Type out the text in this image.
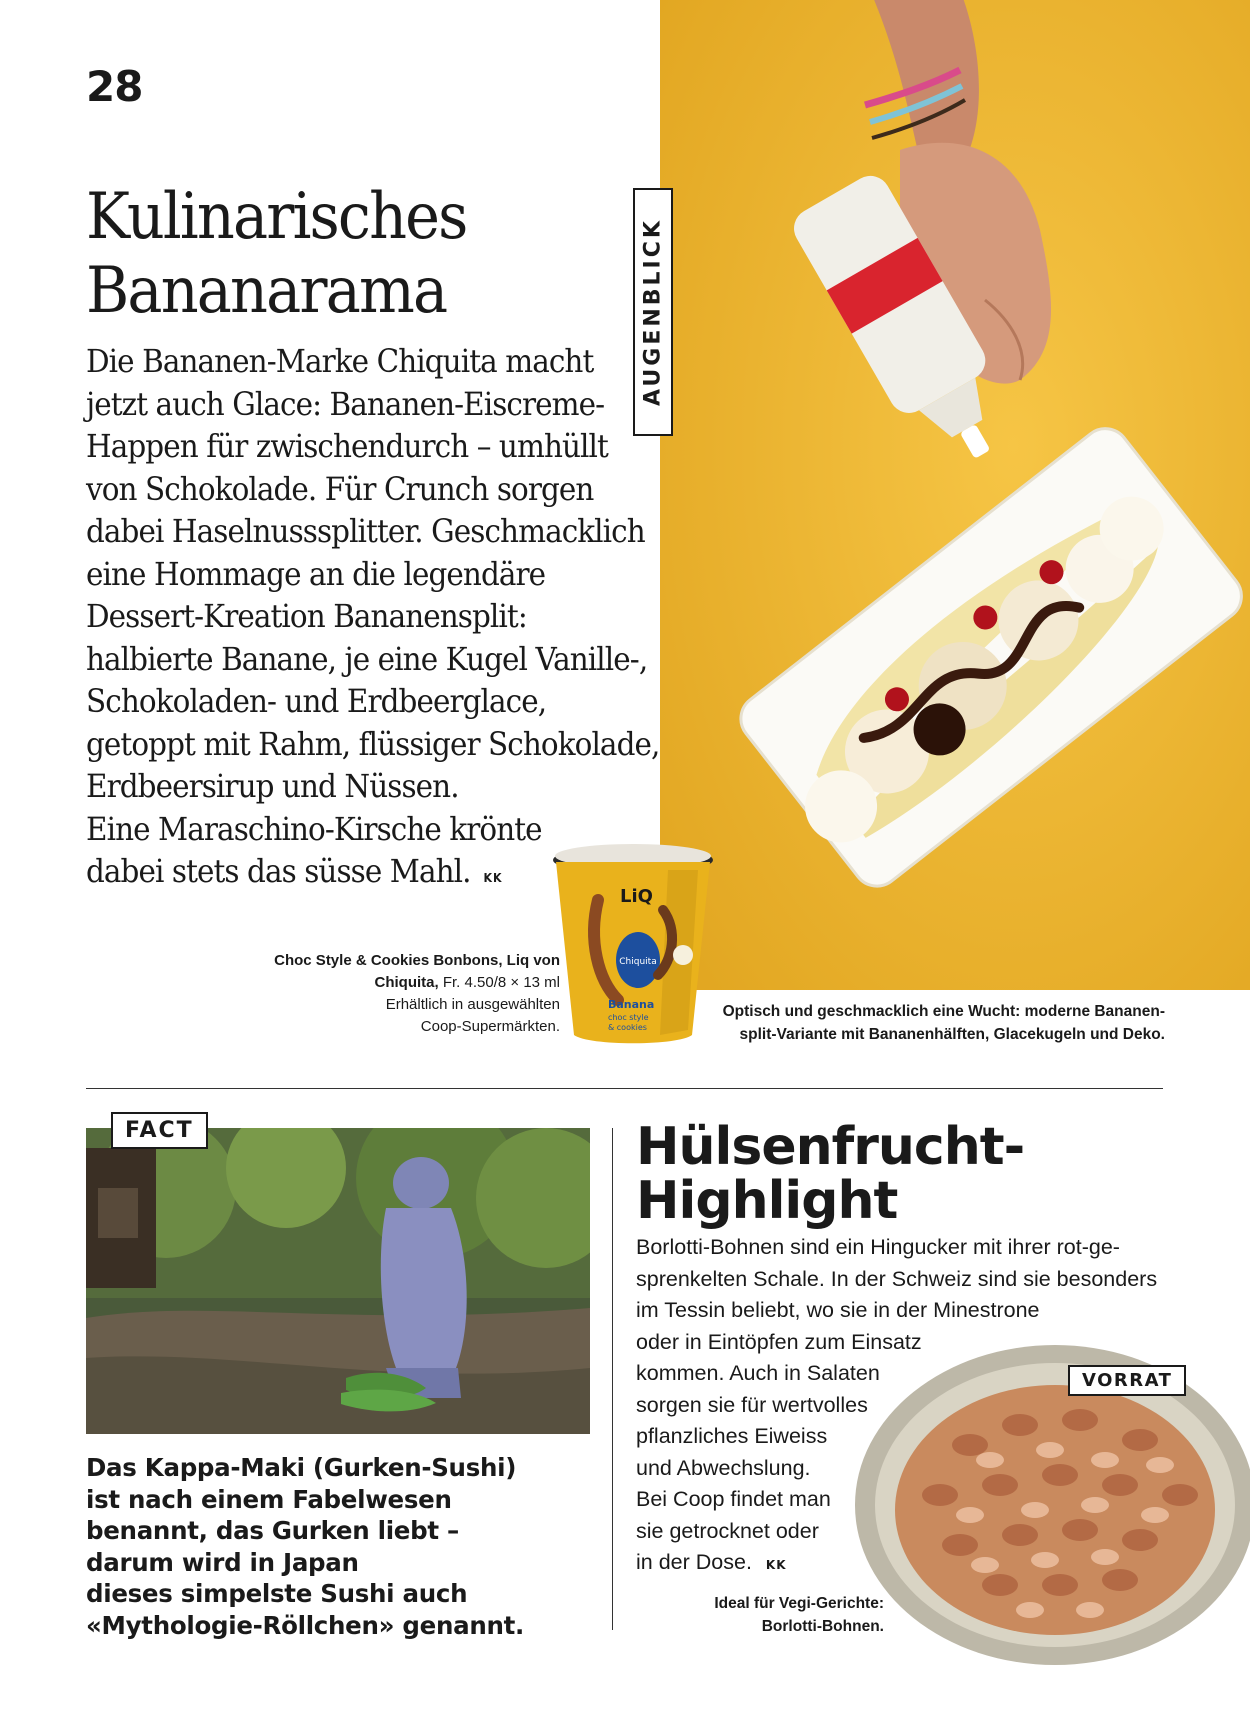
28
AUGENBLICK
Kulinarisches
Bananarama
Die Bananen-Marke Chiquita macht
jetzt auch Glace: Bananen-Eiscreme-
Happen für zwischendurch – umhüllt
von Schokolade. Für Crunch sorgen
dabei Haselnusssplitter. Geschmacklich
eine Hommage an die legendäre
Dessert-Kreation Bananensplit:
halbierte Banane, je eine Kugel Vanille-,
Schokoladen- und Erdbeerglace,
getoppt mit Rahm, flüssiger Schokolade,
Erdbeersirup und Nüssen.
Eine Maraschino-Kirsche krönte
dabei stets das süsse Mahl. KK
LiQ
Chiquita
Banana
choc style
& cookies
Choc Style & Cookies Bonbons, Liq von
Chiquita, Fr. 4.50/8 × 13 ml
Erhältlich in ausgewählten
Coop-Supermärkten.
Optisch und geschmacklich eine Wucht: moderne Bananen-
split-Variante mit Bananenhälften, Glacekugeln und Deko.
FACT
Das Kappa-Maki (Gurken-Sushi)
ist nach einem Fabelwesen
benannt, das Gurken liebt –
darum wird in Japan
dieses simpelste Sushi auch
«Mythologie-Röllchen» genannt.
VORRAT
Hülsenfrucht-
Highlight
Borlotti-Bohnen sind ein Hingucker mit ihrer rot-ge-
sprenkelten Schale. In der Schweiz sind sie besonders
im Tessin beliebt, wo sie in der Minestrone
oder in Eintöpfen zum Einsatz
kommen. Auch in Salaten
sorgen sie für wertvolles
pflanzliches Eiweiss
und Abwechslung.
Bei Coop findet man
sie getrocknet oder
in der Dose. KK
Ideal für Vegi-Gerichte:
Borlotti-Bohnen.
